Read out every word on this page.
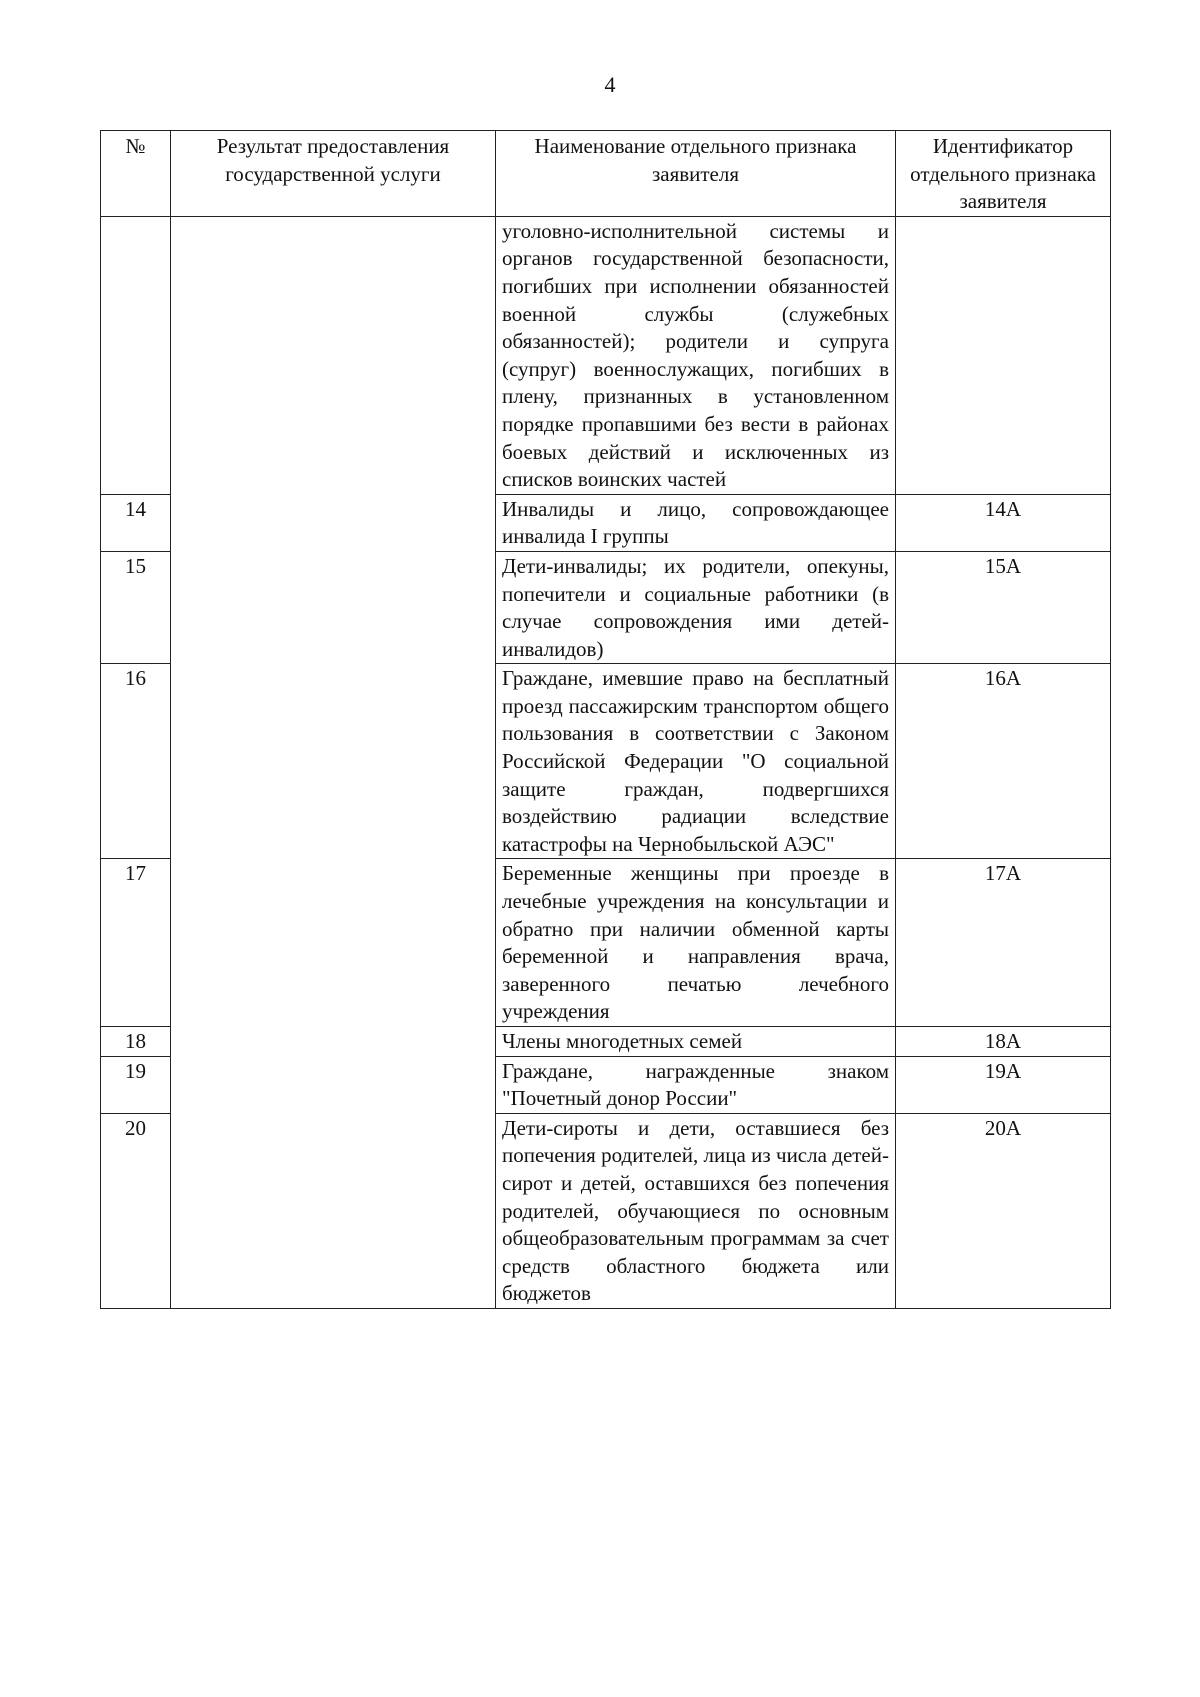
4
№	Результат предоставления государственной услуги	Наименование отдельного признака заявителя	Идентификатор отдельного признака заявителя
		уголовно-исполнительной системы и органов государственной безопасности, погибших при исполнении обязанностей военной службы (служебных обязанностей); родители и супруга (супруг) военнослужащих, погибших в плену, признанных в установленном порядке пропавшими без вести в районах боевых действий и исключенных из списков воинских частей	
14		Инвалиды и лицо, сопровождающее инвалида I группы	14А
15		Дети-инвалиды; их родители, опекуны, попечители и социальные работники (в случае сопровождения ими детей-инвалидов)	15А
16		Граждане, имевшие право на бесплатный проезд пассажирским транспортом общего пользования в соответствии с Законом Российской Федерации "О социальной защите граждан, подвергшихся воздействию радиации вследствие катастрофы на Чернобыльской АЭС"	16А
17		Беременные женщины при проезде в лечебные учреждения на консультации и обратно при наличии обменной карты беременной и направления врача, заверенного печатью лечебного учреждения	17А
18		Члены многодетных семей	18А
19		Граждане, награжденные знаком "Почетный донор России"	19А
20		Дети-сироты и дети, оставшиеся без попечения родителей, лица из числа детей-сирот и детей, оставшихся без попечения родителей, обучающиеся по основным общеобразовательным программам за счет средств областного бюджета или бюджетов	20А
